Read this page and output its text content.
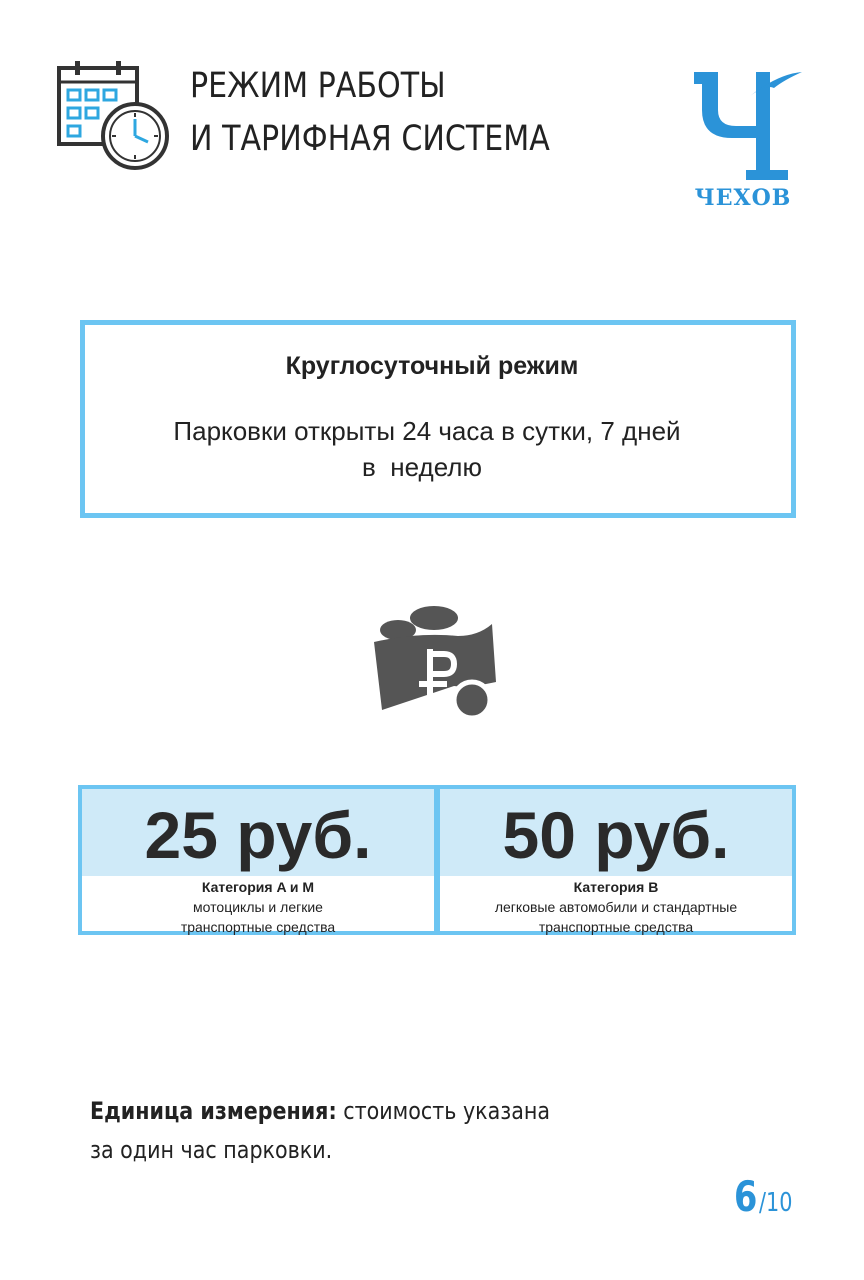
РЕЖИМ РАБОТЫ
И ТАРИФНАЯ СИСТЕМА
ЧЕХОВ
Круглосуточный режим
Парковки открыты 24 часа в сутки, 7 дней
в  неделю
25 руб.
Категория A и M
мотоциклы и легкие
транспортные средства
50 руб.
Категория B
легковые автомобили и стандартные
транспортные средства
Единица измерения: стоимость указана
за один час парковки.
6/10
